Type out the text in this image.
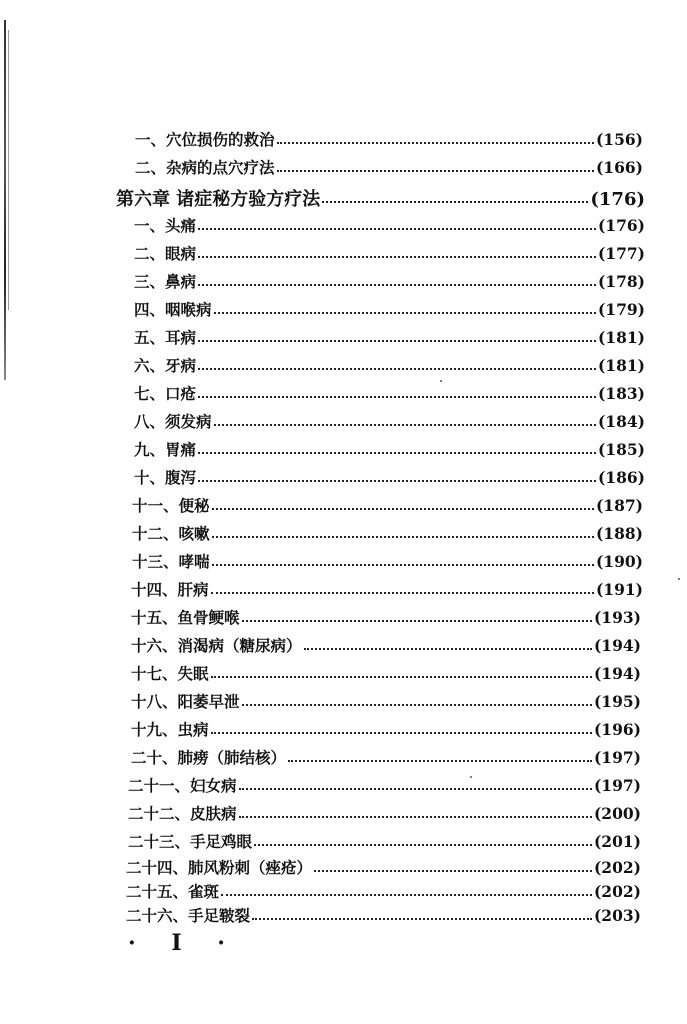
一、穴位损伤的救治	(156)
二、杂病的点穴疗法	(166)
第六章 诸症秘方验方疗法	(176)
一、头痛	(176)
二、眼病	(177)
三、鼻病	(178)
四、咽喉病	(179)
五、耳病	(181)
六、牙病	(181)
七、口疮	(183)
八、须发病	(184)
九、胃痛	(185)
十、腹泻	(186)
十一、便秘	(187)
十二、咳嗽	(188)
十三、哮喘	(190)
十四、肝病	(191)
十五、鱼骨鲠喉	(193)
十六、消渴病（糖尿病）	(194)
十七、失眠	(194)
十八、阳萎早泄	(195)
十九、虫病	(196)
二十、肺痨（肺结核）	(197)
二十一、妇女病	(197)
二十二、皮肤病	(200)
二十三、手足鸡眼	(201)
二十四、肺风粉刺（痤疮）	(202)
二十五、雀斑	(202)
二十六、手足皲裂	(203)
· Ⅰ ·
